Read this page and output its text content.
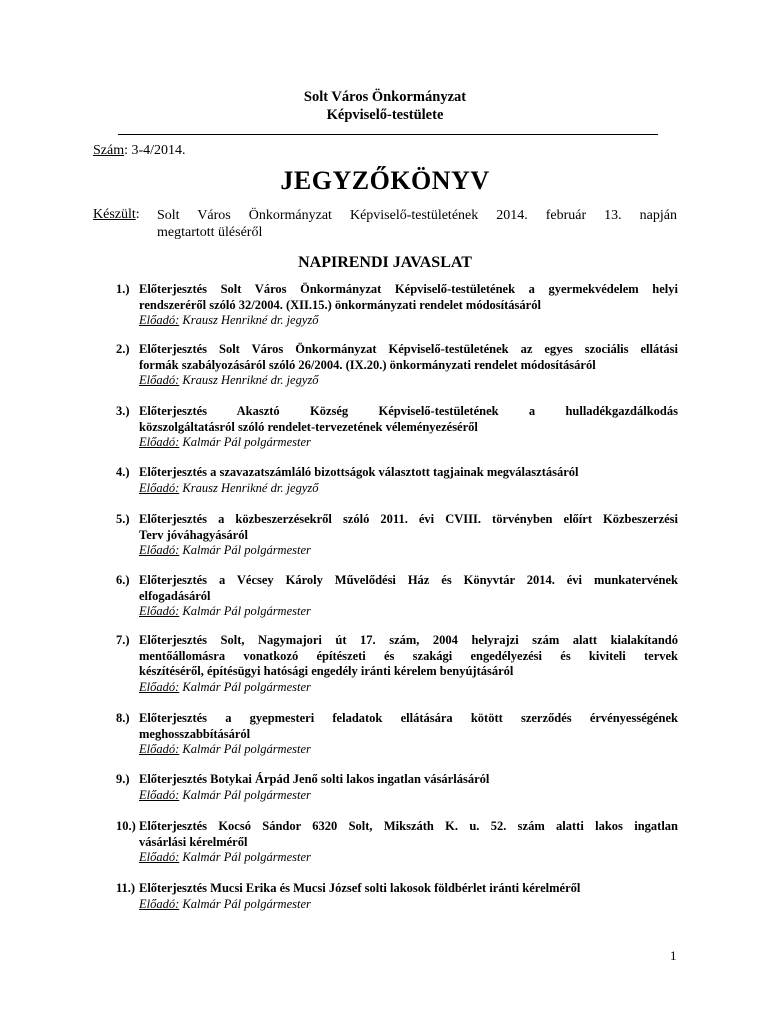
Solt Város Önkormányzat
Képviselő-testülete
Szám: 3-4/2014.
JEGYZŐKÖNYV
Készült: Solt Város Önkormányzat Képviselő-testületének 2014. február 13. napján
megtartott üléséről
NAPIRENDI JAVASLAT
1.) Előterjesztés Solt Város Önkormányzat Képviselő-testületének a gyermekvédelem helyi
rendszeréről szóló 32/2004. (XII.15.) önkormányzati rendelet módosításáról
Előadó: Krausz Henrikné dr. jegyző
2.) Előterjesztés Solt Város Önkormányzat Képviselő-testületének az egyes szociális ellátási
formák szabályozásáról szóló 26/2004. (IX.20.) önkormányzati rendelet módosításáról
Előadó: Krausz Henrikné dr. jegyző
3.) Előterjesztés Akasztó Község Képviselő-testületének a hulladékgazdálkodás
közszolgáltatásról szóló rendelet-tervezetének véleményezéséről
Előadó: Kalmár Pál polgármester
4.) Előterjesztés a szavazatszámláló bizottságok választott tagjainak megválasztásáról
Előadó: Krausz Henrikné dr. jegyző
5.) Előterjesztés a közbeszerzésekről szóló 2011. évi CVIII. törvényben előírt Közbeszerzési
Terv jóváhagyásáról
Előadó: Kalmár Pál polgármester
6.) Előterjesztés a Vécsey Károly Művelődési Ház és Könyvtár 2014. évi munkatervének
elfogadásáról
Előadó: Kalmár Pál polgármester
7.) Előterjesztés Solt, Nagymajori út 17. szám, 2004 helyrajzi szám alatt kialakítandó
mentőállomásra vonatkozó építészeti és szakági engedélyezési és kiviteli tervek
készítéséről, építésügyi hatósági engedély iránti kérelem benyújtásáról
Előadó: Kalmár Pál polgármester
8.) Előterjesztés a gyepmesteri feladatok ellátására kötött szerződés érvényességének
meghosszabbításáról
Előadó: Kalmár Pál polgármester
9.) Előterjesztés Botykai Árpád Jenő solti lakos ingatlan vásárlásáról
Előadó: Kalmár Pál polgármester
10.) Előterjesztés Kocsó Sándor 6320 Solt, Mikszáth K. u. 52. szám alatti lakos ingatlan
vásárlási kérelméről
Előadó: Kalmár Pál polgármester
11.) Előterjesztés Mucsi Erika és Mucsi József solti lakosok földbérlet iránti kérelméről
Előadó: Kalmár Pál polgármester
1
